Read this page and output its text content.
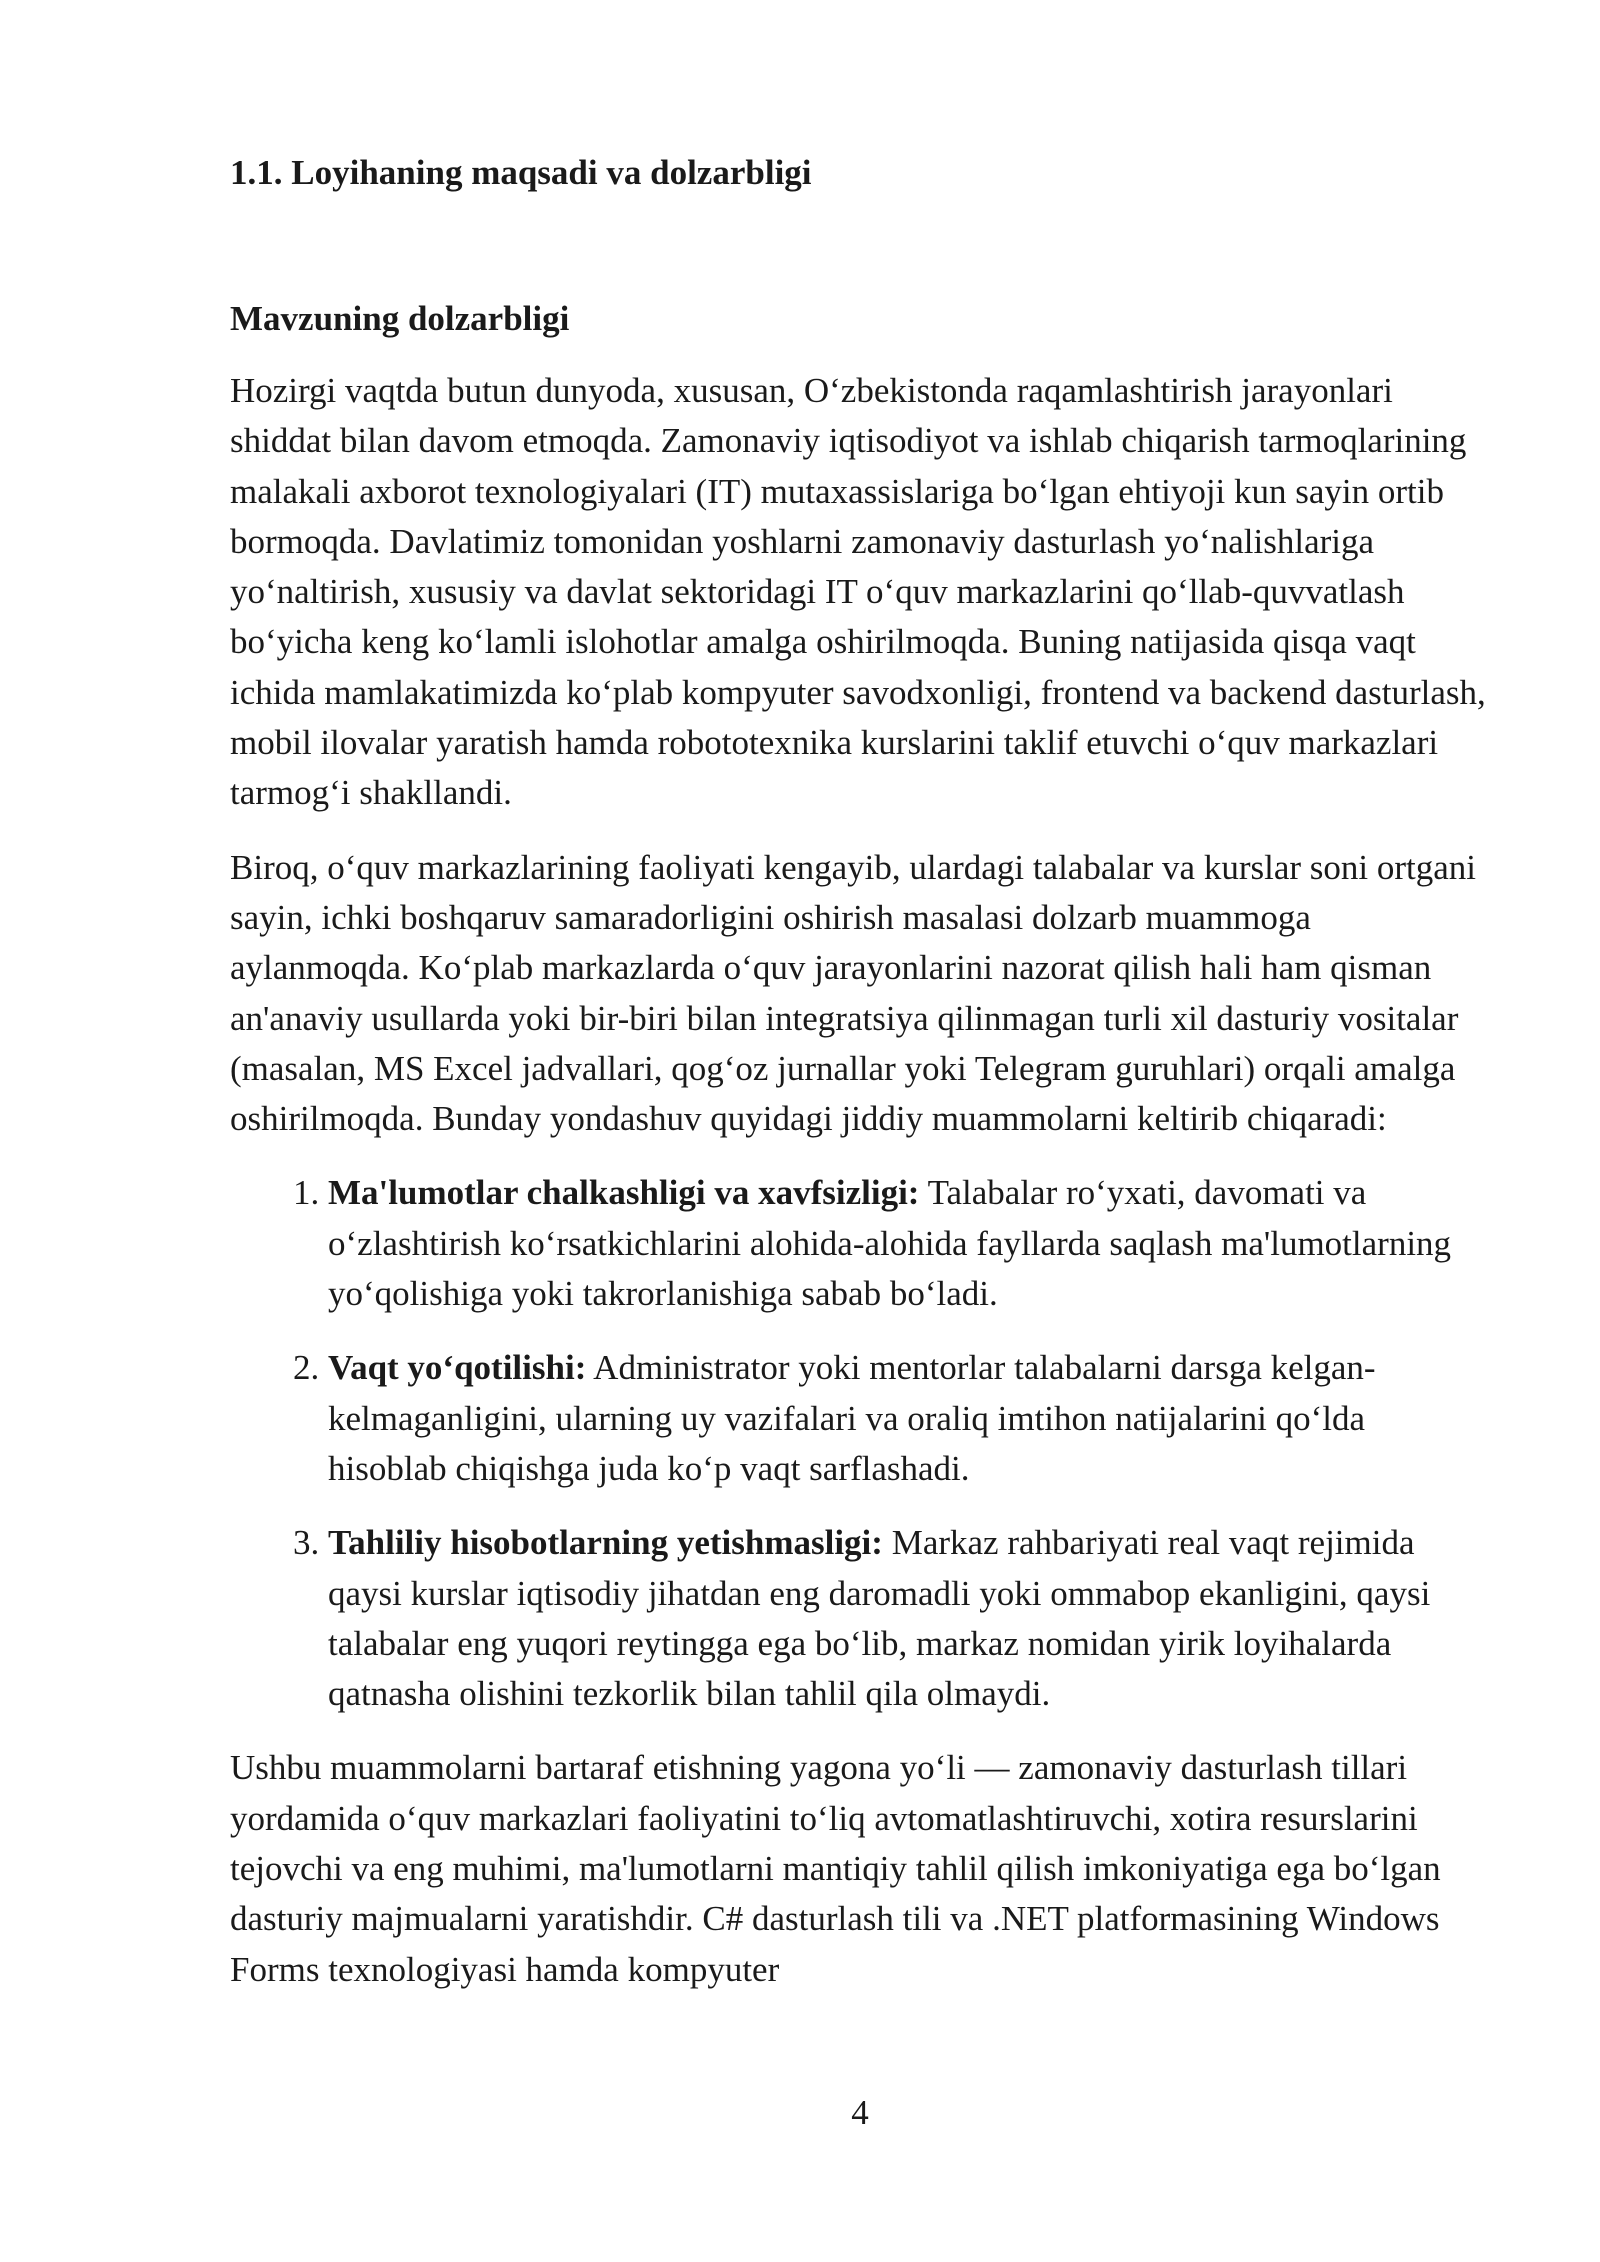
1.1. Loyihaning maqsadi va dolzarbligi
Mavzuning dolzarbligi

Hozirgi vaqtda butun dunyoda, xususan, O‘zbekistonda raqamlashtirish jarayonlari shiddat bilan davom etmoqda. Zamonaviy iqtisodiyot va ishlab chiqarish tarmoqlarining malakali axborot texnologiyalari (IT) mutaxassislariga bo‘lgan ehtiyoji kun sayin ortib bormoqda. Davlatimiz tomonidan yoshlarni zamonaviy dasturlash yo‘nalishlariga yo‘naltirish, xususiy va davlat sektoridagi IT o‘quv markazlarini qo‘llab-quvvatlash bo‘yicha keng ko‘lamli islohotlar amalga oshirilmoqda. Buning natijasida qisqa vaqt ichida mamlakatimizda ko‘plab kompyuter savodxonligi, frontend va backend dasturlash, mobil ilovalar yaratish hamda robototexnika kurslarini taklif etuvchi o‘quv markazlari tarmog‘i shakllandi.

Biroq, o‘quv markazlarining faoliyati kengayib, ulardagi talabalar va kurslar soni ortgani sayin, ichki boshqaruv samaradorligini oshirish masalasi dolzarb muammoga aylanmoqda. Ko‘plab markazlarda o‘quv jarayonlarini nazorat qilish hali ham qisman an'anaviy usullarda yoki bir-biri bilan integratsiya qilinmagan turli xil dasturiy vositalar (masalan, MS Excel jadvallari, qog‘oz jurnallar yoki Telegram guruhlari) orqali amalga oshirilmoqda. Bunday yondashuv quyidagi jiddiy muammolarni keltirib chiqaradi:

1. Ma'lumotlar chalkashligi va xavfsizligi: Talabalar ro‘yxati, davomati va o‘zlashtirish ko‘rsatkichlarini alohida-alohida fayllarda saqlash ma'lumotlarning yo‘qolishiga yoki takrorlanishiga sabab bo‘ladi.
2. Vaqt yo‘qotilishi: Administrator yoki mentorlar talabalarni darsga kelgan-kelmaganligini, ularning uy vazifalari va oraliq imtihon natijalarini qo‘lda hisoblab chiqishga juda ko‘p vaqt sarflashadi.
3. Tahliliy hisobotlarning yetishmasligi: Markaz rahbariyati real vaqt rejimida qaysi kurslar iqtisodiy jihatdan eng daromadli yoki ommabop ekanligini, qaysi talabalar eng yuqori reytingga ega bo‘lib, markaz nomidan yirik loyihalarda qatnasha olishini tezkorlik bilan tahlil qila olmaydi.

Ushbu muammolarni bartaraf etishning yagona yo‘li — zamonaviy dasturlash tillari yordamida o‘quv markazlari faoliyatini to‘liq avtomatlashtiruvchi, xotira resurslarini tejovchi va eng muhimi, ma'lumotlarni mantiqiy tahlil qilish imkoniyatiga ega bo‘lgan dasturiy majmualarni yaratishdir. C# dasturlash tili va .NET platformasining Windows Forms texnologiyasi hamda kompyuter

4
